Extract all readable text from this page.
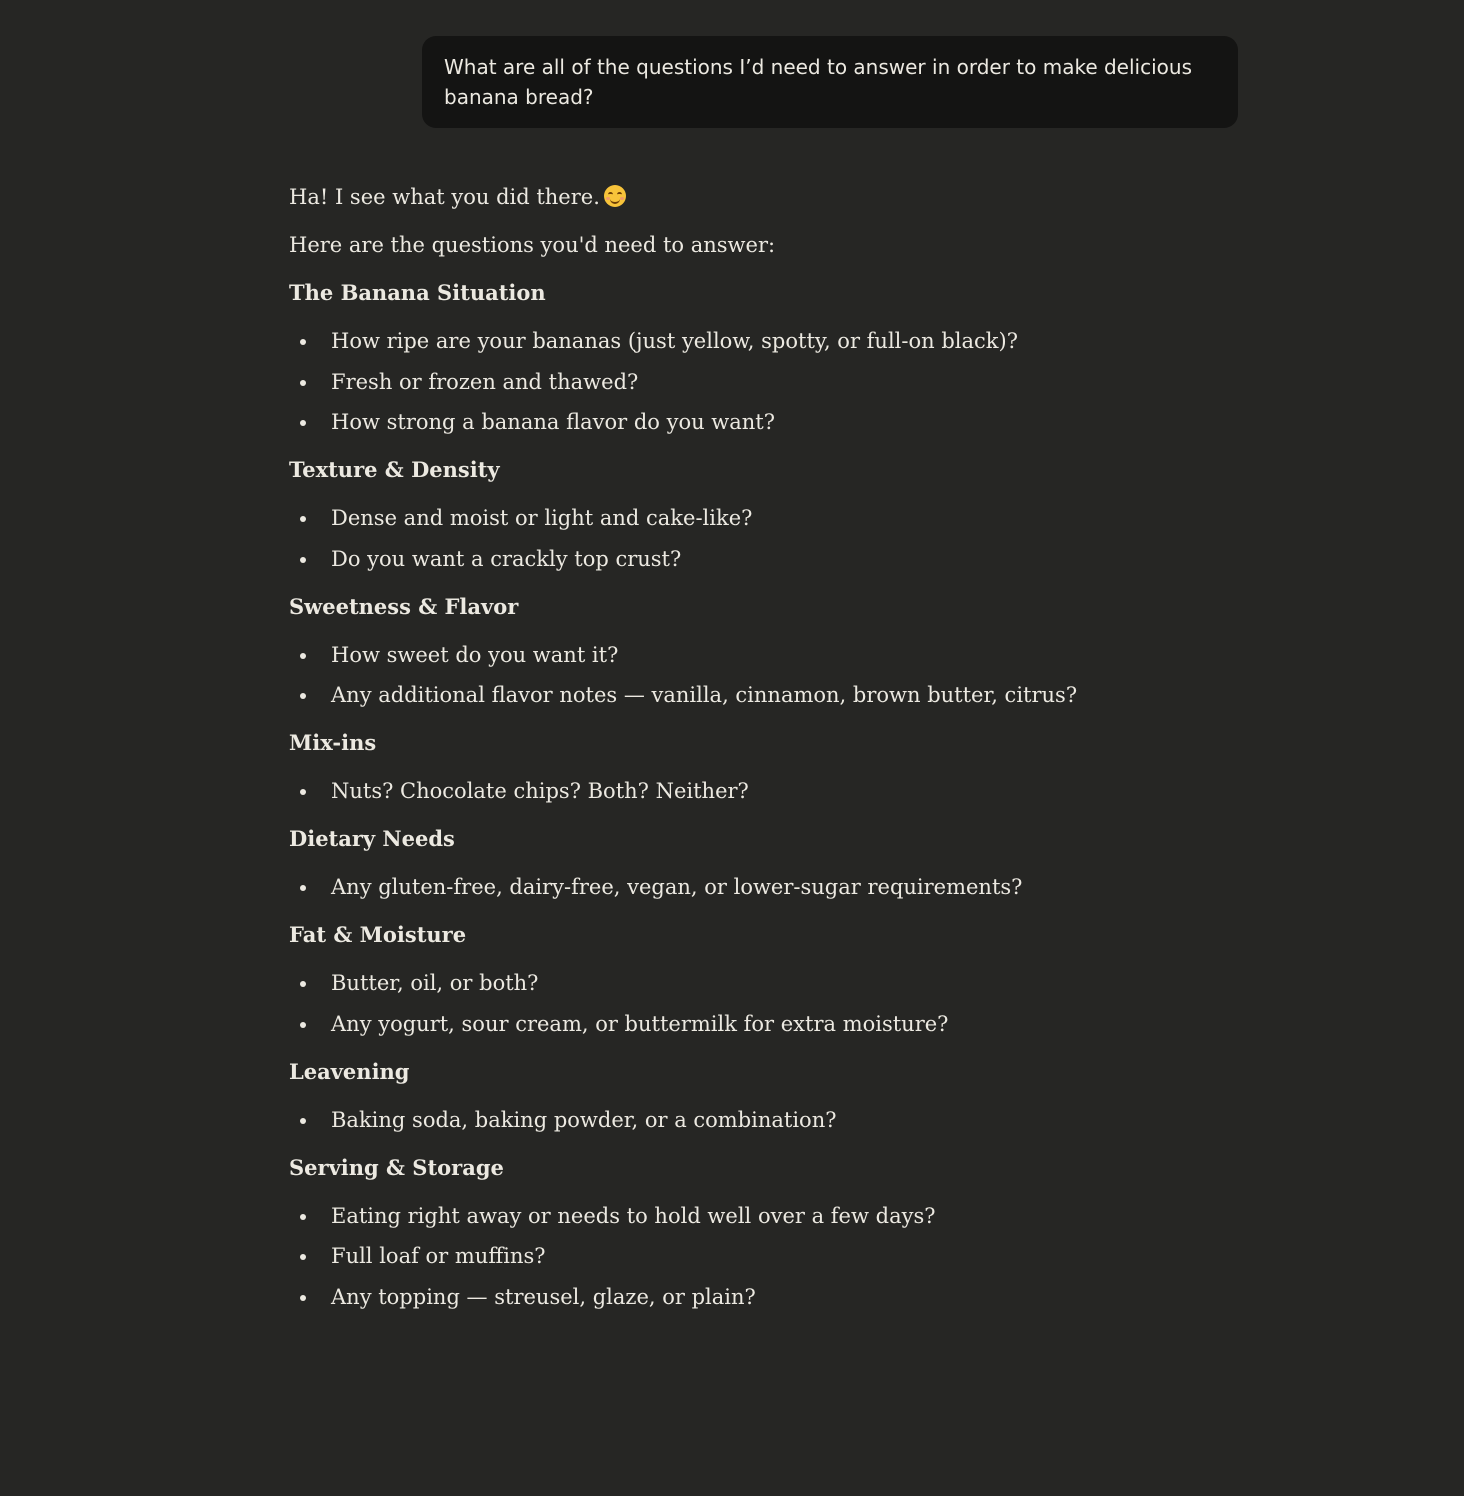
What are all of the questions I’d need to answer in order to make delicious banana bread?

Ha! I see what you did there.

Here are the questions you'd need to answer:

The Banana Situation
How ripe are your bananas (just yellow, spotty, or full-on black)?
Fresh or frozen and thawed?
How strong a banana flavor do you want?
Texture & Density
Dense and moist or light and cake-like?
Do you want a crackly top crust?
Sweetness & Flavor
How sweet do you want it?
Any additional flavor notes — vanilla, cinnamon, brown butter, citrus?
Mix-ins
Nuts? Chocolate chips? Both? Neither?
Dietary Needs
Any gluten-free, dairy-free, vegan, or lower-sugar requirements?
Fat & Moisture
Butter, oil, or both?
Any yogurt, sour cream, or buttermilk for extra moisture?
Leavening
Baking soda, baking powder, or a combination?
Serving & Storage
Eating right away or needs to hold well over a few days?
Full loaf or muffins?
Any topping — streusel, glaze, or plain?
